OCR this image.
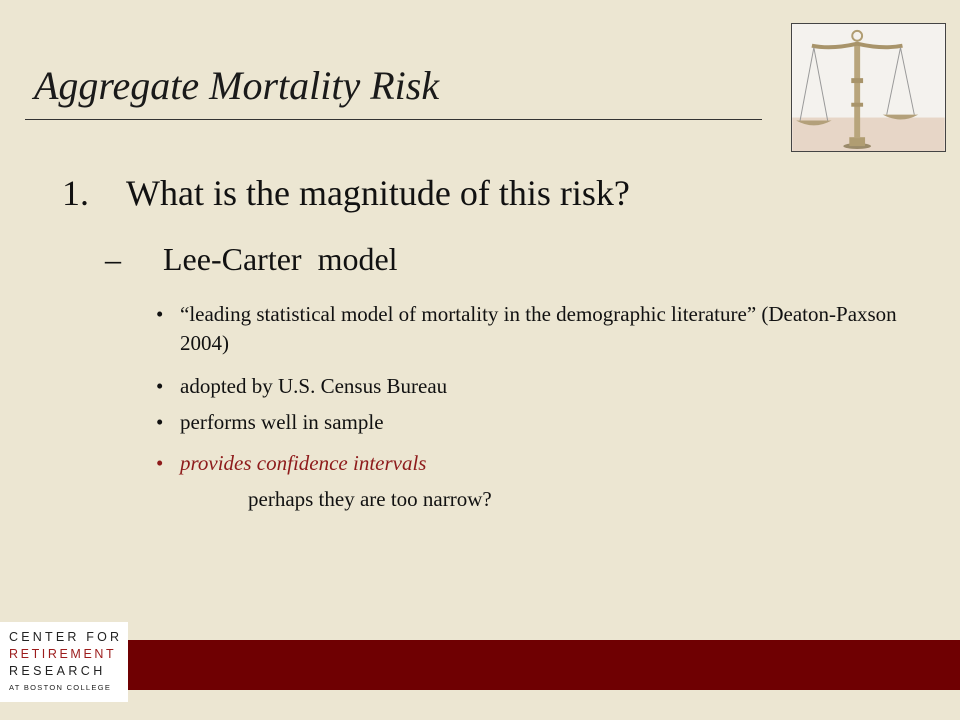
Aggregate Mortality Risk
1. What is the magnitude of this risk?
– Lee-Carter  model
• “leading statistical model of mortality in the demographic literature” (Deaton-Paxson 2004)
• adopted by U.S. Census Bureau
• performs well in sample
• provides confidence intervals
perhaps they are too narrow?
CENTER FOR
RETIREMENT
RESEARCH
AT BOSTON COLLEGE
